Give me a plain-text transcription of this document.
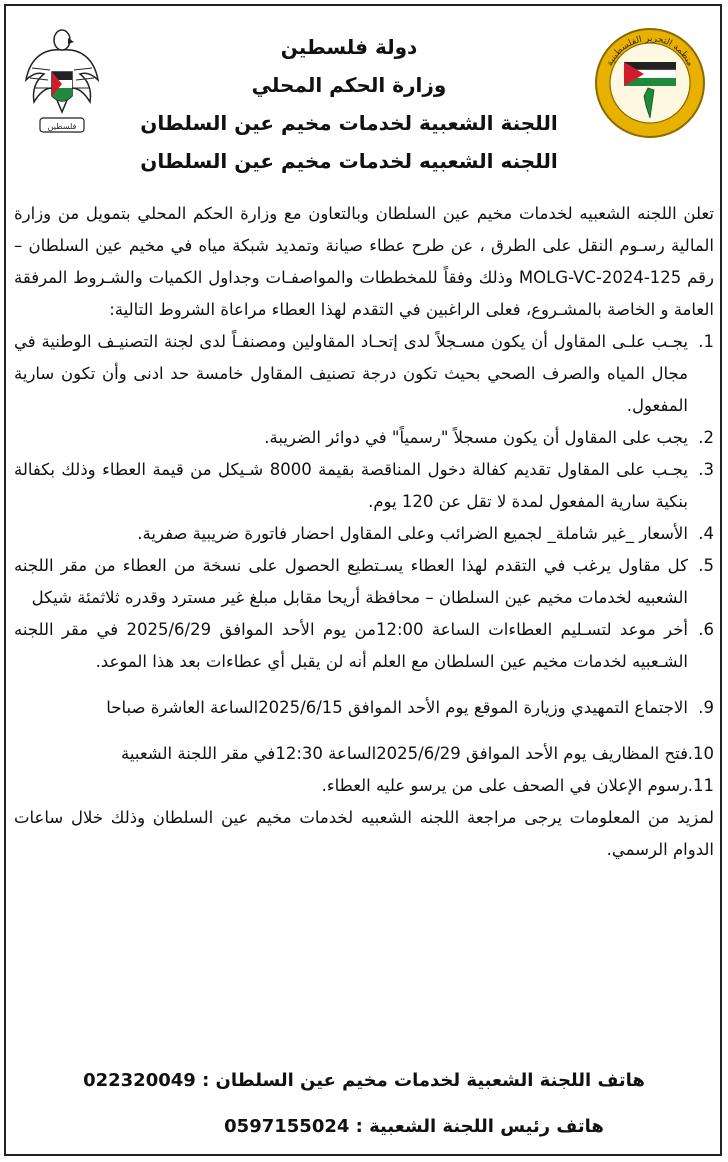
فلسطين
منظمة التحرير الفلسطينية
دولة فلسطين
وزارة الحكم المحلي
اللجنة الشعبية لخدمات مخيم عين السلطان
اللجنه الشعبيه لخدمات مخيم عين السلطان

تعلن اللجنه الشعبيه لخدمات مخيم عين السلطان وبالتعاون مع وزارة الحكم المحلي بتمويل من وزارة المالية رسـوم النقل على الطرق ، عن طرح عطاء صيانة وتمديد شبكة مياه في مخيم عين السلطان – رقم MOLG-VC-2024-125 وذلك وفقاً للمخططات والمواصفـات وجداول الكميات والشـروط المرفقة العامة و الخاصة بالمشـروع، فعلى الراغبين في التقدم لهذا العطاء مراعاة الشروط التالية:

1.
يجـب علـى المقاول أن يكون مسـجلاً لدى إتحـاد المقاولين ومصنفـاً لدى لجنة التصنيـف الوطنية في مجال المياه والصرف الصحي بحيث تكون درجة تصنيف المقاول خامسة حد ادنى وأن تكون سارية المفعول.
2.
يجب على المقاول أن يكون مسجلاً "رسمياً" في دوائر الضريبة.
3.
يجـب على المقاول تقديم كفالة دخول المناقصة بقيمة 8000 شـيكل من قيمة العطاء وذلك بكفالة بنكية سارية المفعول لمدة لا تقل عن 120 يوم.
4.
الأسعار _غير شاملة_ لجميع الضرائب وعلى المقاول احضار فاتورة ضريبية صفرية.
5.
كل مقاول يرغب في التقدم لهذا العطاء يسـتطيع الحصول على نسخة من العطاء من مقر اللجنه الشعبيه لخدمات مخيم عين السلطان – محافظة أريحا مقابل مبلغ غير مسترد وقدره ثلاثمئة شيكل
6.
أخر موعد لتسـليم العطاءات الساعة 12:00من يوم الأحد الموافق 2025/6/29 في مقر اللجنه الشـعبيه لخدمات مخيم عين السلطان مع العلم أنه لن يقبل أي عطاءات بعد هذا الموعد.
9.
الاجتماع التمهيدي وزيارة الموقع يوم الأحد الموافق 2025/6/15الساعة العاشرة صباحا
10.
فتح المظاريف يوم الأحد الموافق 2025/6/29الساعة 12:30في مقر اللجنة الشعبية
11.
رسوم الإعلان في الصحف على من يرسو عليه العطاء.

لمزيد من المعلومات يرجى مراجعة اللجنه الشعبيه لخدمات مخيم عين السلطان وذلك خلال ساعات الدوام الرسمي.

هاتف اللجنة الشعبية لخدمات مخيم عين السلطان : 022320049
هاتف رئيس اللجنة الشعبية : 0597155024
